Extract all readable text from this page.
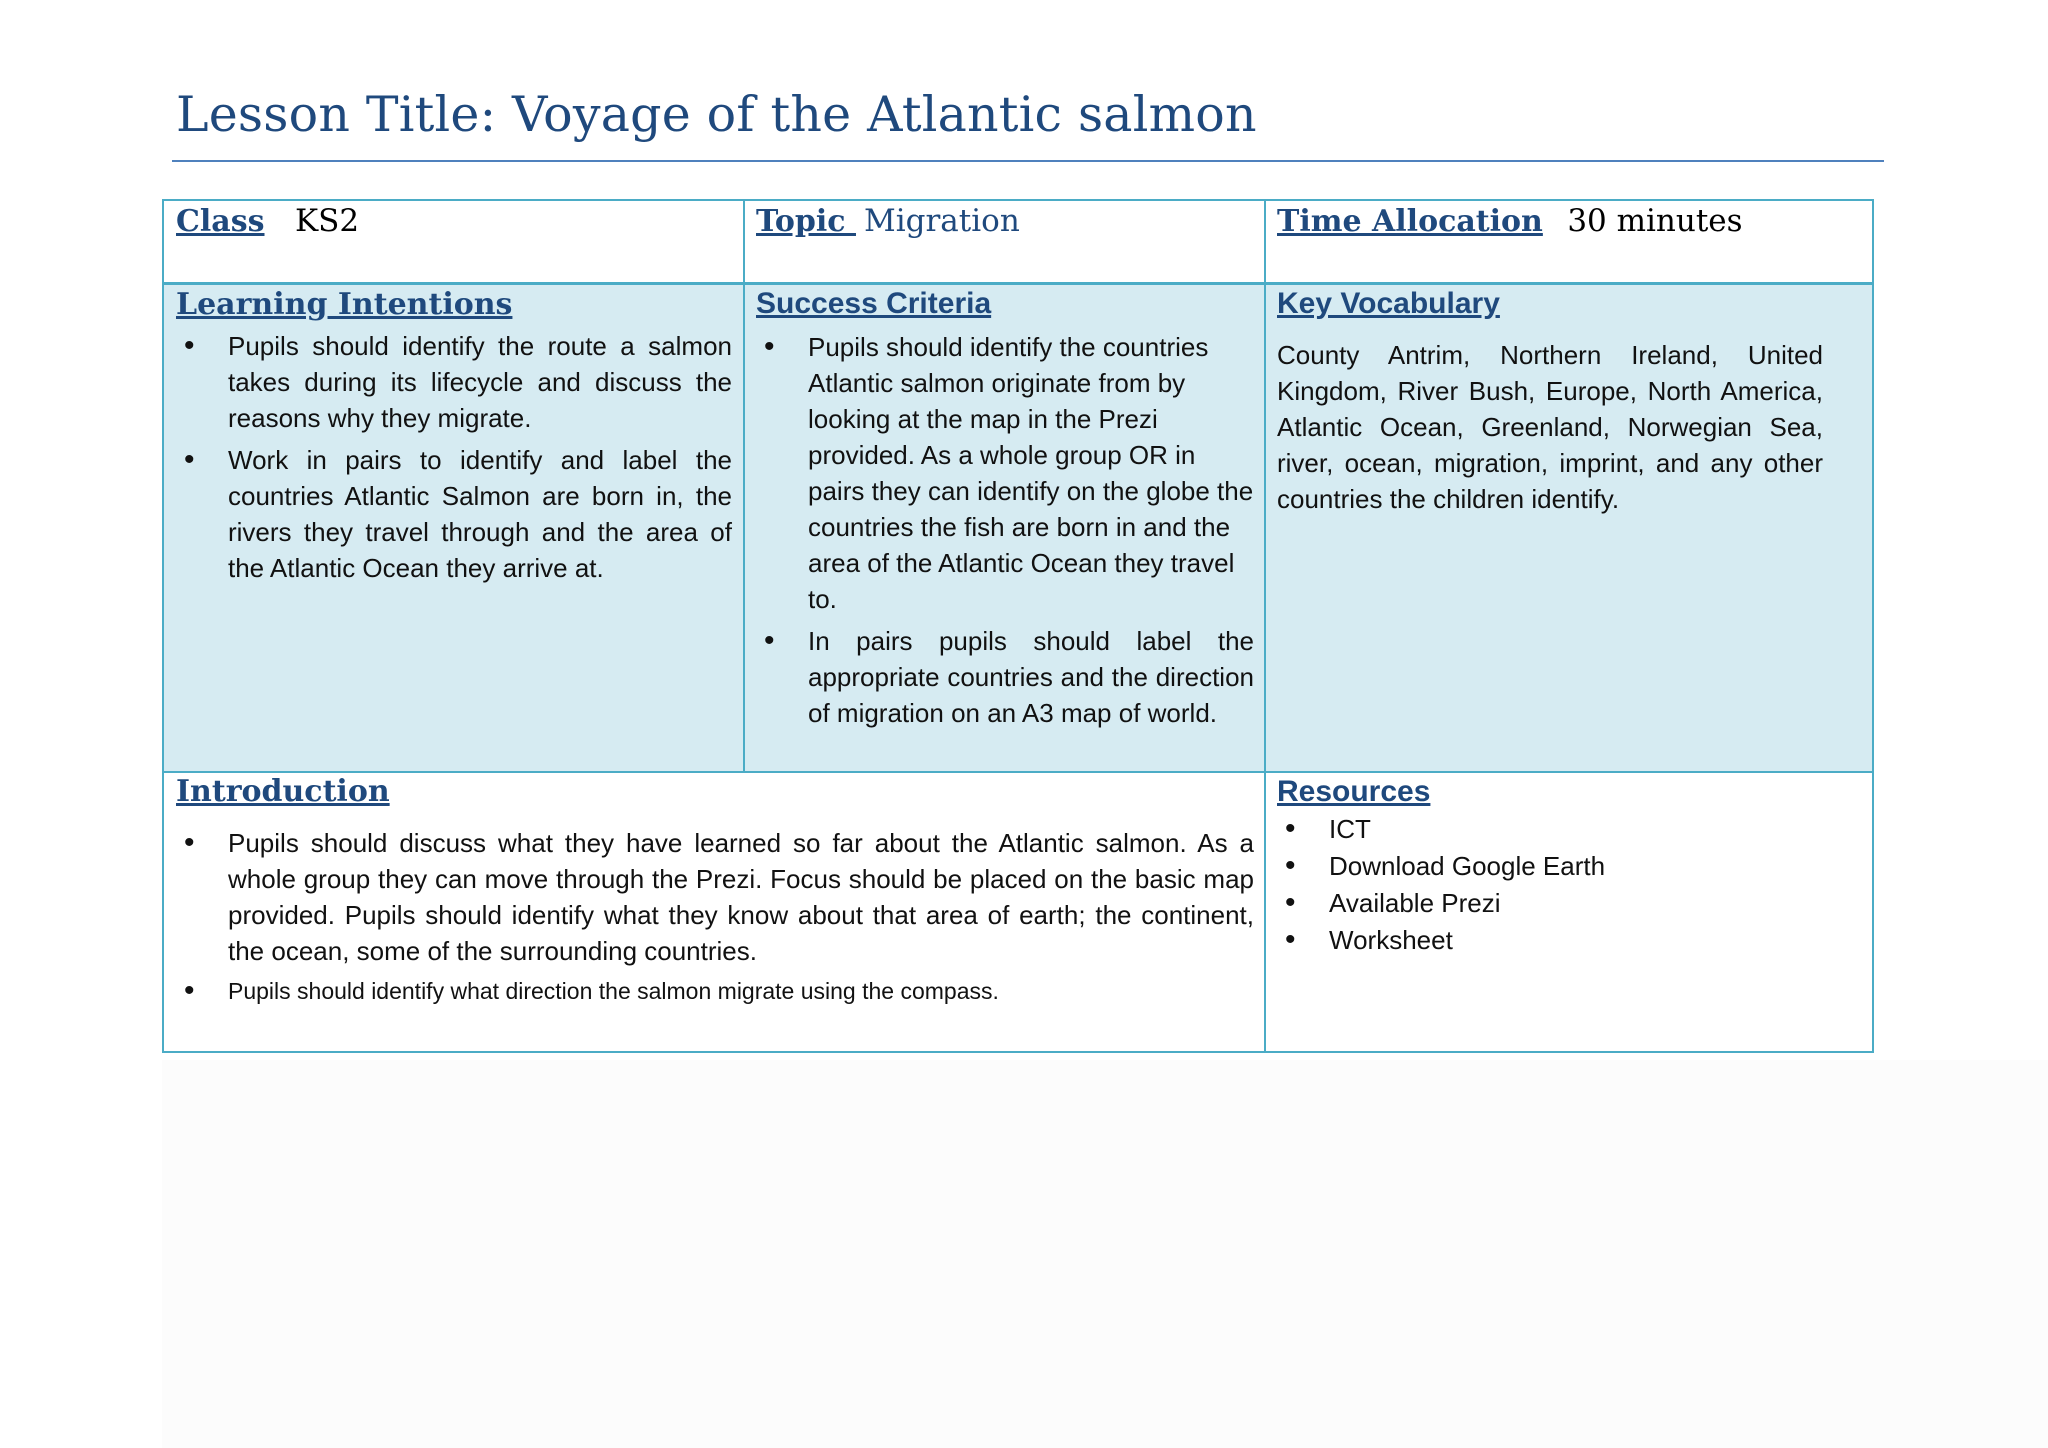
Lesson Title: Voyage of the Atlantic salmon
Class KS2	Topic Migration	Time Allocation 30 minutes
Learning Intentions
• Pupils should identify the route a salmon takes during its lifecycle and discuss the reasons why they migrate.
• Work in pairs to identify and label the countries Atlantic Salmon are born in, the rivers they travel through and the area of the Atlantic Ocean they arrive at.
Success Criteria
• Pupils should identify the countries Atlantic salmon originate from by looking at the map in the Prezi provided. As a whole group OR in pairs they can identify on the globe the countries the fish are born in and the area of the Atlantic Ocean they travel to.
• In pairs pupils should label the appropriate countries and the direction of migration on an A3 map of world.
Key Vocabulary
County Antrim, Northern Ireland, United Kingdom, River Bush, Europe, North America, Atlantic Ocean, Greenland, Norwegian Sea, river, ocean, migration, imprint, and any other countries the children identify.
Introduction
• Pupils should discuss what they have learned so far about the Atlantic salmon. As a whole group they can move through the Prezi. Focus should be placed on the basic map provided. Pupils should identify what they know about that area of earth; the continent, the ocean, some of the surrounding countries.
• Pupils should identify what direction the salmon migrate using the compass.
Resources
• ICT
• Download Google Earth
• Available Prezi
• Worksheet
